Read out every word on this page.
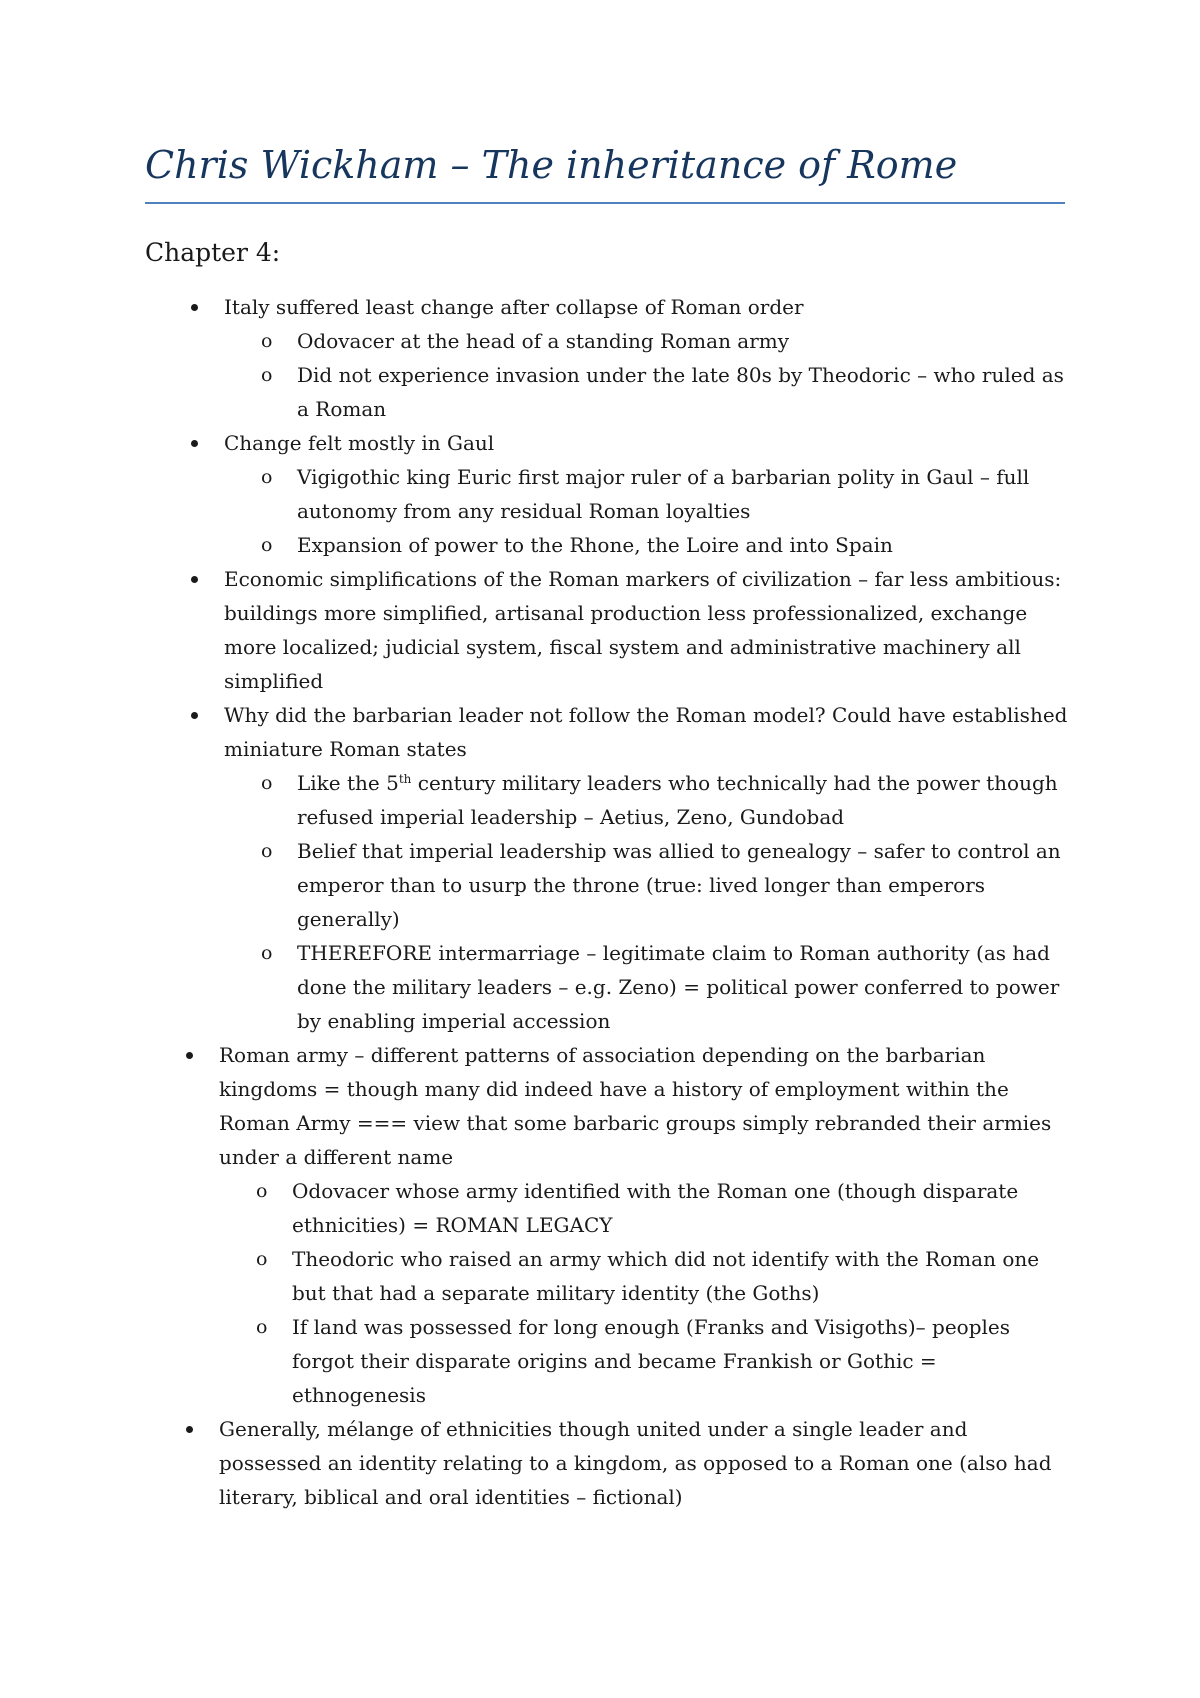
Chris Wickham – The inheritance of Rome
Chapter 4:

Italy suffered least change after collapse of Roman order

o Odovacer at the head of a standing Roman army

o Did not experience invasion under the late 80s by Theodoric – who ruled as a Roman

Change felt mostly in Gaul

o Vigigothic king Euric first major ruler of a barbarian polity in Gaul – full autonomy from any residual Roman loyalties

o Expansion of power to the Rhone, the Loire and into Spain

Economic simplifications of the Roman markers of civilization – far less ambitious: buildings more simplified, artisanal production less professionalized, exchange more localized; judicial system, fiscal system and administrative machinery all simplified

Why did the barbarian leader not follow the Roman model? Could have established miniature Roman states

o Like the 5th century military leaders who technically had the power though refused imperial leadership – Aetius, Zeno, Gundobad

o Belief that imperial leadership was allied to genealogy – safer to control an emperor than to usurp the throne (true: lived longer than emperors generally)

o THEREFORE intermarriage – legitimate claim to Roman authority (as had done the military leaders – e.g. Zeno) = political power conferred to power by enabling imperial accession

Roman army – different patterns of association depending on the barbarian kingdoms = though many did indeed have a history of employment within the Roman Army === view that some barbaric groups simply rebranded their armies under a different name

o Odovacer whose army identified with the Roman one (though disparate ethnicities) = ROMAN LEGACY

o Theodoric who raised an army which did not identify with the Roman one but that had a separate military identity (the Goths)

o If land was possessed for long enough (Franks and Visigoths)– peoples forgot their disparate origins and became Frankish or Gothic = ethnogenesis

Generally, mélange of ethnicities though united under a single leader and possessed an identity relating to a kingdom, as opposed to a Roman one (also had literary, biblical and oral identities – fictional)
